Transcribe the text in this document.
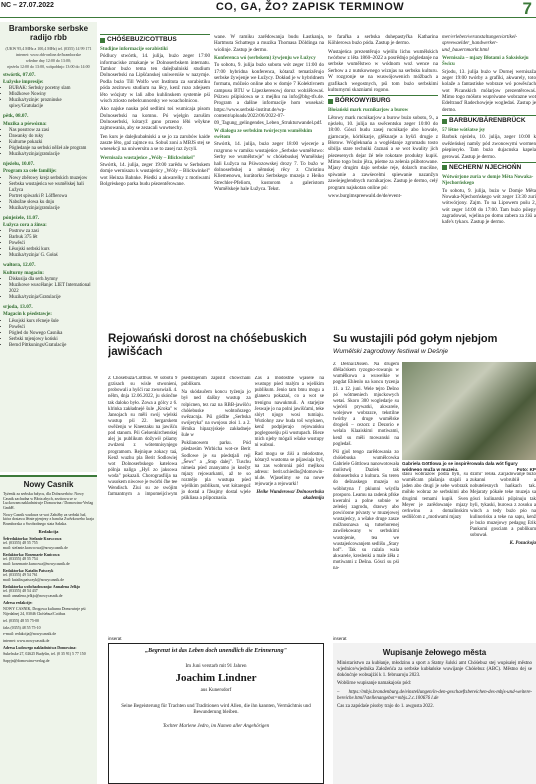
NC – 27.07.2022	CO, GA, ŽO? ZAPISK TERMINOW	7
Bramborske serbske radijo rbb
(UKW 95,4 MHz a 100,4 MHz) tel. (0355) 14 99 171
internet: www.rbb-online.de/bramborske
wšedne dny 12:00 do 13:00;
njeźelu 12:00 do 13:00, wótpołdnjo 13:00 do 14:00
stwórtk, 07.07.
Łužyske impresije:
• BUBAK: Serbsky pocetny slam
• Mložkowe Nowiny
• Muzika/tyzinje: prozninske spiwy/Gratulacije
pětk, 08.07.
Muzika a pśewózna:
• Nas posstrow za zasi
• Dawanky do ruky
• Kulturne pokazki
• Pógledanje na serbski něžeł ale program
• Muzika/tyzinja/gratulacije
njeźelu, 10.07.
Program za cełe familije:
• Nowy zběrowy krejz serbskich muzejow
• Serbska wustajeńca we wumělskej hali Lužyca
• Portret spiwarki P. Löfflerowa
• Nabožne słowa ku dnju
• Muzika/tyzinja/gratulacije
pónjeźele, 11.07.
Łužyca cora a źinsa:
• Postrow za zasi
• Barbuk 375 lět
• Powěsći
• Łěsojski serbski kurs
• Muzika/tyzinja/ G. Gołaś
wałtora, 12.07.
Kulturny magacin:
• Diskusija dla serb.hymny
• Muzikowe wuscělanje: LIET International 2022
• Muzika/tyzinja/Gratulacije
srjoda, 13.07.
Magacin k pśedstawje:
• Lěsojski kurs rěcneje šule
• Powěsći
• Pógled do Nowego Casnika
• Serbski mjenjowy koński
• Bernd Pittkunings/Gratulacije
Nowy Casnik
Tyźenik za serbsku łužycu, dla Dolnoserbów. Nowy Casnik zachadna w Błota abych, zezitowu se w Luckowam nakladnistwje Domowina / Domowina-Verlag GmbH.
Nowy Casnik wudawa se wot Załožby za serbski lud, która dostawa lětnie pjenjezy z bancha Zwězkoweho kraja Bramborska a Swobodnego stata Sakska.
Redakcija
Šefredaktorka: Stefanie Krawcowa
tel. (03355) 48 55 755
mail: stefanie.krawcowa@nowycasnik.de
Redaktorka: Rosemarie Kuńcowa
tel. (03355) 48 55 754
mail: kosemarie.kuncowa@nowycasnik.de
Redaktorka: Katalin Patsczyk
tel. (03355) 49 54 761
mail: katalin.patsczyk@nowycasnik.de
Redaktorka wobchadowanja: Annalena Jelkjo
tel. (03355) 48 54 437
mail: annalena.jelkjo@nowycasnik.de
Adresa redakcije:
NOWY CASNIK, Drogowa kulturna Domowinje pśi Nijedalnej 24, 03046 Chóśebuz/Cottbus
tel. (0355) 48 55 75-00
faks (0355) 48 55 75-10
e-mail: redakcija@nowycasnik.de
internet: www.nowycasnik.de
Adresa Ludowego nakładnistwa Domowina:
Sukelsske 27, 02625 Budyšin, tel. (0 35 91) 5 77 150
Sapyjn@domowina-verlag.de
CHÓŚEBUZ/COTTBUS
Studijne informacije sorabistiki

Pódlucy stwórtk, 14. julija, bużo zeger 17:00 informaciske zmakanje w Dolnoserbskem internatu. Tamkor bużo tema ten dalejbalniski studium Dolnoserbski na Lipšćanskej uniwersiśe w nazymje. Podla bużo Till Wolfo wot Instituta za sorabistiku póda zezitowu studium na lěcy, kenž rozo zdejsem lěto wózjuty w lali albo kuhlinskem systemie pśi wisch ztiosto nebelcunnorsky we woacholnicoo.

Ako najske nauka pód sedlimi toś wumicaja pisom Dolnoserbski na komnu. Pó wjelgin zarušim Dolnoserbski, kótaryž gano przeno lěbi wšykne zajmowania, aby se zezacali wuwtsechy.

Ten kurs je dalejkubałniski a se jo za zarubów kaide zaszte lěto, gaź zajmce su. Sobuš zoni a MBJS stej se wnesekcji na uniwersitu a se to zasej raz źycyli.

Wernisaža wustajeńce „Wóly – Blickwinkel"

Stwórtk, 14. julija, zeger 19:00 zarědu w Serbskem domje wernisazu k wustajeńcy „Wóly – Blickwinkel" wot Heinza Bahnke. Pśedki a akwarelky z motiwami Bolgrėskego parka budu pśezentěrowane.

wane. W ramiku zarědowanja budu Łastkanja, Hartmuta Schattego a muzika Thomasa Döldinga na wiolinje. Zastup je dermo.

Konferenca wó (serbskem) žywjenju we Łužycy

To sobotu, 9. julija bużo sobotu wót zeger 11:00 do 17:00 hybridna konferenca, kótaraž tematizěrujo serbske žywjenje we Łužycy. Dokład je w hybridnem formatu, móžośo online abo w domje 7 Kolektivnem campusu BTU w Lipezkeresowj doroz wobźělowaś. Pśizwu pśipisiowa se z mejlku na info@bbg-tfs.de. Program a dalšne informacije hom wusekaś: https://www.serbski-institut.de/wp-content/uploads/2022/06/2022-07-09_Tagung_gelingendes_Leben_Strukturwandel.pdf.

W dialogu ze serbskim twórjecym wumělskim swětom

Stwórtk, 14. julija, bużo zeger 18:00 wjecerje a rozgrono w ramiku wustajeńce „Serbske wumělstwo: Serby we wumělstwje" w chóśebuskej Wumělskej hali Łužyca na Pśiwozowskej drozy 7. To bužo w dolnoserbskej a němskej rěcy z Christinu Kliemenowu, kurátorku Serbskego muzeja z Heiko Strechler-Pfeliom, kustorom a galeristom Wumělskeje hale Łužyca. Tekst.

te farařka a serbska duhepastyřka Katharina Köhlerowa bużo póda. Zastup je dermo.

Wustajeńca prezentěrujo wjelilu lichu wumělskich twórbow z lěta 1860–2022 a posrědnjo pógledanje na serbske wumělstwo w wódnom woż wence na Serbow a z nutskownego wiznjas na serbsku kulturu. W rozgronje se na wuswójowenich móžbach a grafikach wegostnych, pśi tom bużo serbskimi kulturnymi skazniami rogono.

BÓRKOWY/BURG
Błośański mark rucnikarjow a burow

Lětowy mark rucnikarjow a burow bużo sobotu, 9., a njeźelu, 10. julija na swěcentsku zeger 10:00 do 18:00. Gósci budu zasej rucnikarje abo kowale, gjarncarje, kórbikarje, glěknarje a hyšći drugje z Błotow. Wógleknańa a woglédanje zgromadu tosto sibilja stare techniki čaznań a se wot kwality jich pśezesenych dejar žé tele rokotare produkty kupiś. Mimo togo bużo jěza, pśetne za zelenia pśibotowane. Mjasy drugim dajo serbske reje, dolarch mucišne, spiwanie a zawśecelmi spiewanie nazanžyn zawśejeglendnych rucnikarjow. Zastup je dermo, cełý program najskotan online pó:

www.burgimspreewald.de/de/event-

mer/erleben/veranstaltungen/artikel-spreewaelder_handwerker-und_bauernmarkt.html

Wernisaža – mjazy Błotami a Saksiskeju Šwicu

Srjodu, 13. julija bużo w Dornej wernisaža zeger 19:00 twórby a grafiki, akwarely, toto kolaže a fantastiske wobraze wó powěsćach wot Picanskich mólarjow prezentěrowaś. Mimo togo móšoto wuprśwane wobrazne wot Edeltrauď Radechowjeje wogledaś. Zastup je dermo.

BARBUK/BÄRENBRÜCK
57 lětne wótšatse jsy

Barbuk njeźelu, 10. julija, zeger 10:00 k swěźeńskej namšy pód zwonowymi wormen pśepiosyło. Tam bużo dujacnska kapela gerowaś. Zastup je dermo.

NECHERN/ NJECHOŃN
Wótwórjone zuria w domje Měta Nowaka-Njechorńskego

To sobotu, 9. julija, bużo w Domje Měta Nowaka-Njechorńskego wót zeger 13:30 zuri wótwórjony. Zajm. To na Lipowem pušu 2, wót zeger 14:00 do 17:00. Tam bużo pśiepy zagradowaś, wjelina po domu zabera za źiśi a kafe's tykacs. Zastup je dermo.

Rejowański dorost na chóśebuskich jawišćach

Z Chóśebuza/Cottbus. W sobotu 9 grzisach su wisle stwonieni, probowali a hyšći raz zwuswiali. 4. nělm, dnja 12.06.2022, ju skónčne tak daloko było. Zowa a gólcy z 6. klrinka zakładnejé šule „Kroka" w Jansojach su měli swój wjelski wustup pśi 22. bergarskem swěźenju w Kneezaku na jawišću pod stanom. Pśi Gelsenkirchenskej alej ju publikum dožywił pśiamy zwdzeni z wótemnisynjego programom. Rejnique zokacy taá, Kenž wuzhu pla Berit Sodlowiej wot Dolnoserbskego katelowa pólnja naliga „Hyš zo jaksowa woda" pokazali. Chorograsfiija na wusokem niwowe je twórbi čhe tee Wendisch. Ziui su ze swójim farmantnym a impomeijciwym pśedstajenim zapiślit chowchani publikum.

Na skódaučem koncu tyźenja jo był ned dalšny wustup za rolpicnen, tez raz na RBB-jawišću chóśebuske wohtoňszego swězacnja. Pśi gódžte „Serbska swójeryka" na swojosu złoi 1. a 2. lěrnika hipazyjskeje zakładneje šule w

Pukilanowem parku. Pód pśedzesím Wirbicha wot-ce Berit Sodlowe je su pśedstjali reji „Šewc" a „Stup dalej". Tuschu nimeśa pśed znanyamo jo knežyt mjazy rejowarkami, až te so rozmějo pla wustupa pśed wjelikim publikum, wot kótaregož jo dostal a ľžeajmy dostal wjele pśikliasa a pśipoznasia.

Zaś a módostne wjasele na wustupy pśed malým a wjelikim publikum. Jenio tam bmu mogu a gianecu pokazaś, co a wot se trenignu nawukmuli. A starjejze Jeswaje jo na polni jawišćami, teke slóyt njogo wosi tumiaju. Wutiohny zaw huda toš wnyknen, kenž podpijerajo rejowańsku poglegoseńju pśi wustupach. Bieze mich njeby mógali wšake wustupy ni wabsui.

Rad mogu se źiśi a młodostne, kótaryž wustoma se pśjawiaja byš, na zas wobroniá pód mejlkou adresu: berit.schiedlo@domowin-nl.de. Wjaselimy se na nowe rejowarje a rejowarki!

Heike Wunderowa/ Dolnoserbska akademija

Su wustajili pód gołym njebjom
Wumělski zagrodowy festiwal w Dešnje

Z Dešna/Dissen. Na drugem dřéšaćskem ryzogno-rowanju w wumělkowa a wuwelkie w pogdat Ehlenlo na koncu tyzenja 11. a 12. juni. Wele tejro Dešno pó wótmeniech mjuckowych wetaś. Skoro 300 wogledarje su wjećeli prywatki, akwarele, wolejowe wobrazce, tekstilne twórby a druge wumělske drogieli – cezorz z Dezorio e welala Klaaiskimi motiwami, kenž su mēli mowanski na pogledaš.

Pśi gjoš tengo zarědowania zo chóśebuska wumělcowka Gabriele Göttlowa nanowotowała molistwij Daziek tak dolnoserbsku z kultura. Su teren do dešnaskego muzeja so wóblutyna ľ pkiunni wśydla prosporo. Leamu na radenk pfske kweralni a polne sobnie w zeleńej zagrodu, draswy abo powićosne pśvasty w muzejowej wustajeńcy, a wšake druge zasze móžnosnawa są tutsehorenej zawilekowany w serbskimi wustojenie, tea we wustajeńcowanjem sedlišu „Stary hof". Tak su rażala wala akwarele, kreslenki a male źěła z motiwami z Dešna. Gósci su pśi na-

Gabriela Göttlowa jo se inspirěrowała dała wót figury wódnego muža w muzeju.	Foto: KP

stasu wobrazow pódla byli, su wumělcam plašanja stajali a jaden abo drugi je sebe wobrazk móhło wobraz ze serbskimi abo drugimi temami kupił. Sven Meyer je zarědowanje mjazy cerkwinu a domalinskim sedlišćom z „motiwami mjazy

dzimi" rešiła. Zarjadowanje bužo zukanni wobrubiił a nobutelesnych hańkach tak. Mejaraty pókałe teke muzeja sa gósci kulinarski pśipinuju tak byli, tykaski, burowa z zosoku a winch a tedy bużo pśo na kulinorisku a teke na sapu, kenž je bużo muzejowy pedagog Erik Pankomi gosciam a publikum sobuwał.

K. Pozackoja

inserat
„Begrenzt ist das Leben doch unendlich die Erinnerung"
Im Juni verstarb mit 91 Jahren
Joachim Lindner
aus Kunersdorf
Seine Begeisterung für Trachten und Traditionen wird Allen, die ihn kannten, Vermächtnis und Bewunderung bleiben.
Tochter Marlene Jedro, im Namen aller Angehörigen
inserat
Wupisanje žełowego města

Ministaristwo za kubłanje, młodzinu a sport a Statny šulski amt Chóśebuz stej wupisałej městno wjednice/wjednika Załožeńća za serbske kubłańske wuwijanje Chóśebuz (ABC). Městno dej se dokónćnje wobsajźiś k 1. februaroju 2023.

Wobširne wupisanje namakajośo pód:

– https://mbjs.brandenburg.de/einstellungen/in-den-geschaeftsbereichen-des-mbjs-und-weitere-bereiche.html?stellenangebot=mbjs.2.c.100676 l.de

Cas za zapódaśe pisoby trajo do 1. awgusta 2022.
